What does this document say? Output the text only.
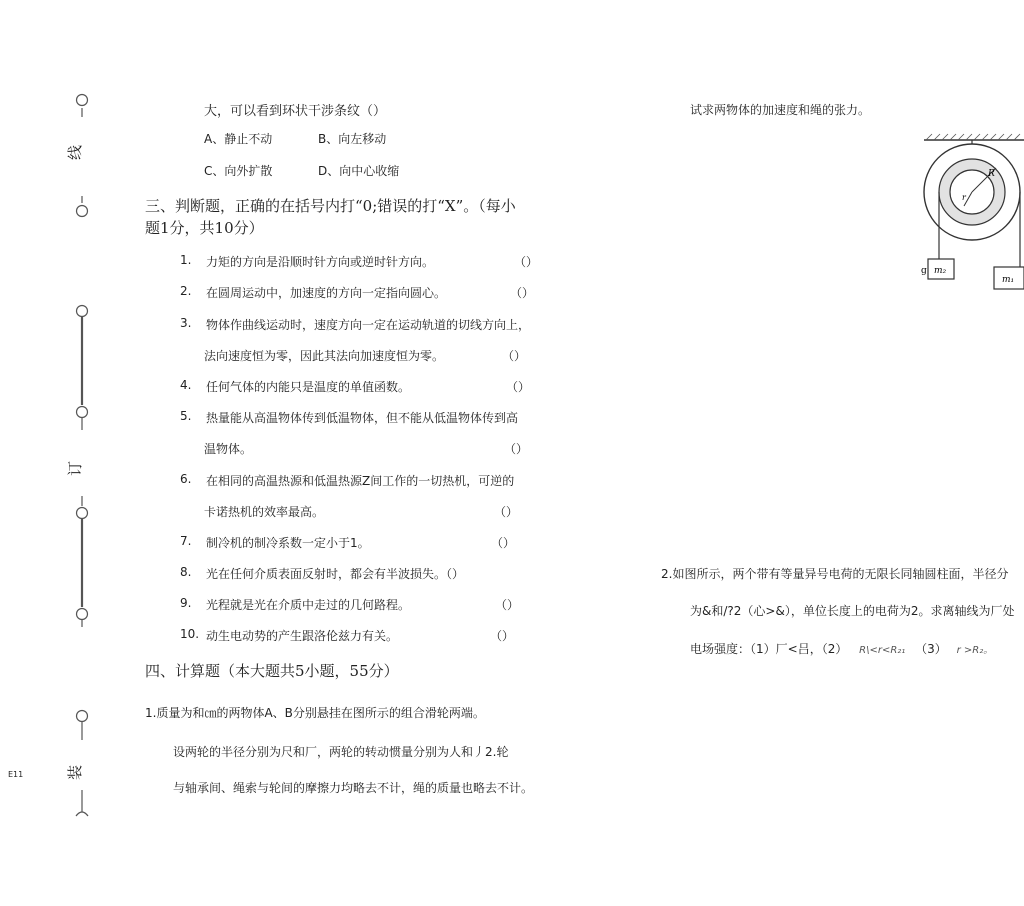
线
订
装
E11
大，可以看到环状干涉条纹（）
A、静止不动	B、向左移动
C、向外扩散	D、向中心收缩
三、判断题，正确的在括号内打“0;错误的打“X”。（每小
题1分，共10分）
1. 力矩的方向是沿顺时针方向或逆时针方向。	（）
2. 在圆周运动中，加速度的方向一定指向圆心。	（）
3. 物体作曲线运动时，速度方向一定在运动轨道的切线方向上，
法向速度恒为零，因此其法向加速度恒为零。	（）
4. 任何气体的内能只是温度的单值函数。	（）
5. 热量能从高温物体传到低温物体，但不能从低温物体传到高
温物体。	（）
6. 在相同的高温热源和低温热源Z间工作的一切热机，可逆的
卡诺热机的效率最高。	（）
7. 制冷机的制冷系数一定小于1。	（）
8. 光在任何介质表面反射时，都会有半波损失。（）
9. 光程就是光在介质中走过的几何路程。	（）
10. 动生电动势的产生跟洛伦兹力有关。	（）
四、计算题（本大题共5小题，55分）
1.质量为和㎝的两物体A、B分别悬挂在图所示的组合滑轮两端。
设两轮的半径分别为尺和厂，两轮的转动惯量分别为人和丿2.轮
与轴承间、绳索与轮间的摩擦力均略去不计，绳的质量也略去不计。
试求两物体的加速度和绳的张力。
R
r
m₂
m₁
g
2.如图所示，两个带有等量异号电荷的无限长同轴圆柱面，半径分
为&和/?2（心>&），单位长度上的电荷为2。求离轴线为厂处
电场强度：（1）厂<吕，（2） R\<r<R₂₁ （3） r >R₂。
